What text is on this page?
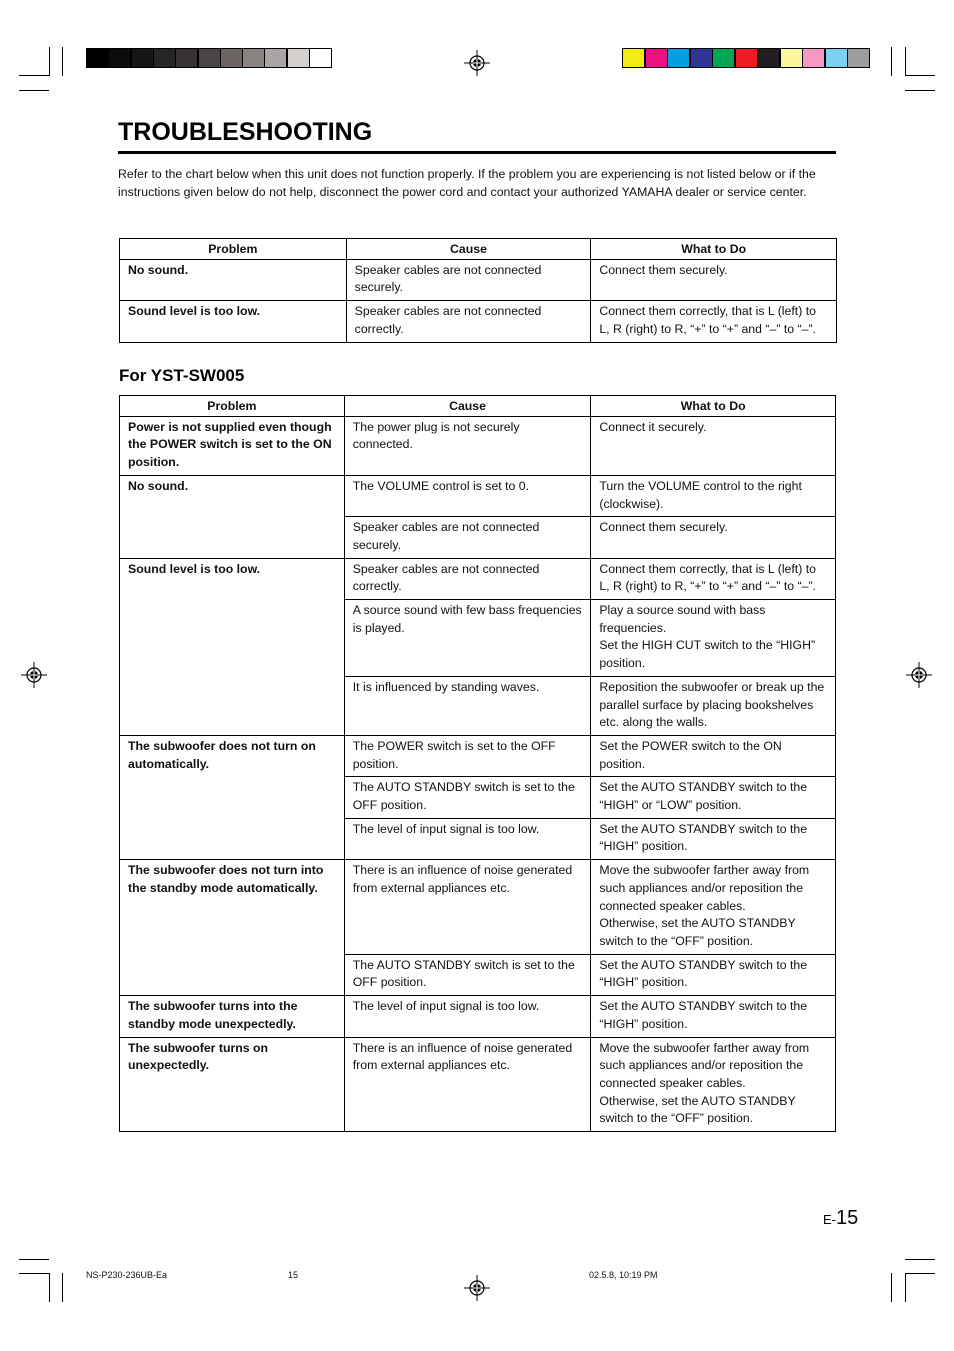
TROUBLESHOOTING
Refer to the chart below when this unit does not function properly. If the problem you are experiencing is not listed below or if the instructions given below do not help, disconnect the power cord and contact your authorized YAMAHA dealer or service center.
Problem	Cause	What to Do
No sound.	Speaker cables are not connected securely.	Connect them securely.
Sound level is too low.	Speaker cables are not connected correctly.	Connect them correctly, that is L (left) to L, R (right) to R, “+” to “+” and “–” to “–”.
For YST-SW005
Problem	Cause	What to Do
Power is not supplied even though the POWER switch is set to the ON position.	The power plug is not securely connected.	Connect it securely.
No sound.	The VOLUME control is set to 0.	Turn the VOLUME control to the right (clockwise).
	Speaker cables are not connected securely.	Connect them securely.
Sound level is too low.	Speaker cables are not connected correctly.	Connect them correctly, that is L (left) to L, R (right) to R, “+” to “+” and “–” to “–”.
	A source sound with few bass frequencies is played.	Play a source sound with bass frequencies.
Set the HIGH CUT switch to the “HIGH” position.
	It is influenced by standing waves.	Reposition the subwoofer or break up the parallel surface by placing bookshelves etc. along the walls.
The subwoofer does not turn on automatically.	The POWER switch is set to the OFF position.	Set the POWER switch to the ON position.
	The AUTO STANDBY switch is set to the OFF position.	Set the AUTO STANDBY switch to the “HIGH” or “LOW” position.
	The level of input signal is too low.	Set the AUTO STANDBY switch to the “HIGH” position.
The subwoofer does not turn into the standby mode automatically.	There is an influence of noise generated from external appliances etc.	Move the subwoofer farther away from such appliances and/or reposition the connected speaker cables.
Otherwise, set the AUTO STANDBY switch to the “OFF” position.
	The AUTO STANDBY switch is set to the OFF position.	Set the AUTO STANDBY switch to the “HIGH” position.
The subwoofer turns into the standby mode unexpectedly.	The level of input signal is too low.	Set the AUTO STANDBY switch to the “HIGH” position.
The subwoofer turns on unexpectedly.	There is an influence of noise generated from external appliances etc.	Move the subwoofer farther away from such appliances and/or reposition the connected speaker cables.
Otherwise, set the AUTO STANDBY switch to the “OFF” position.
E-15
NS-P230-236UB-Ea	15	02.5.8, 10:19 PM
